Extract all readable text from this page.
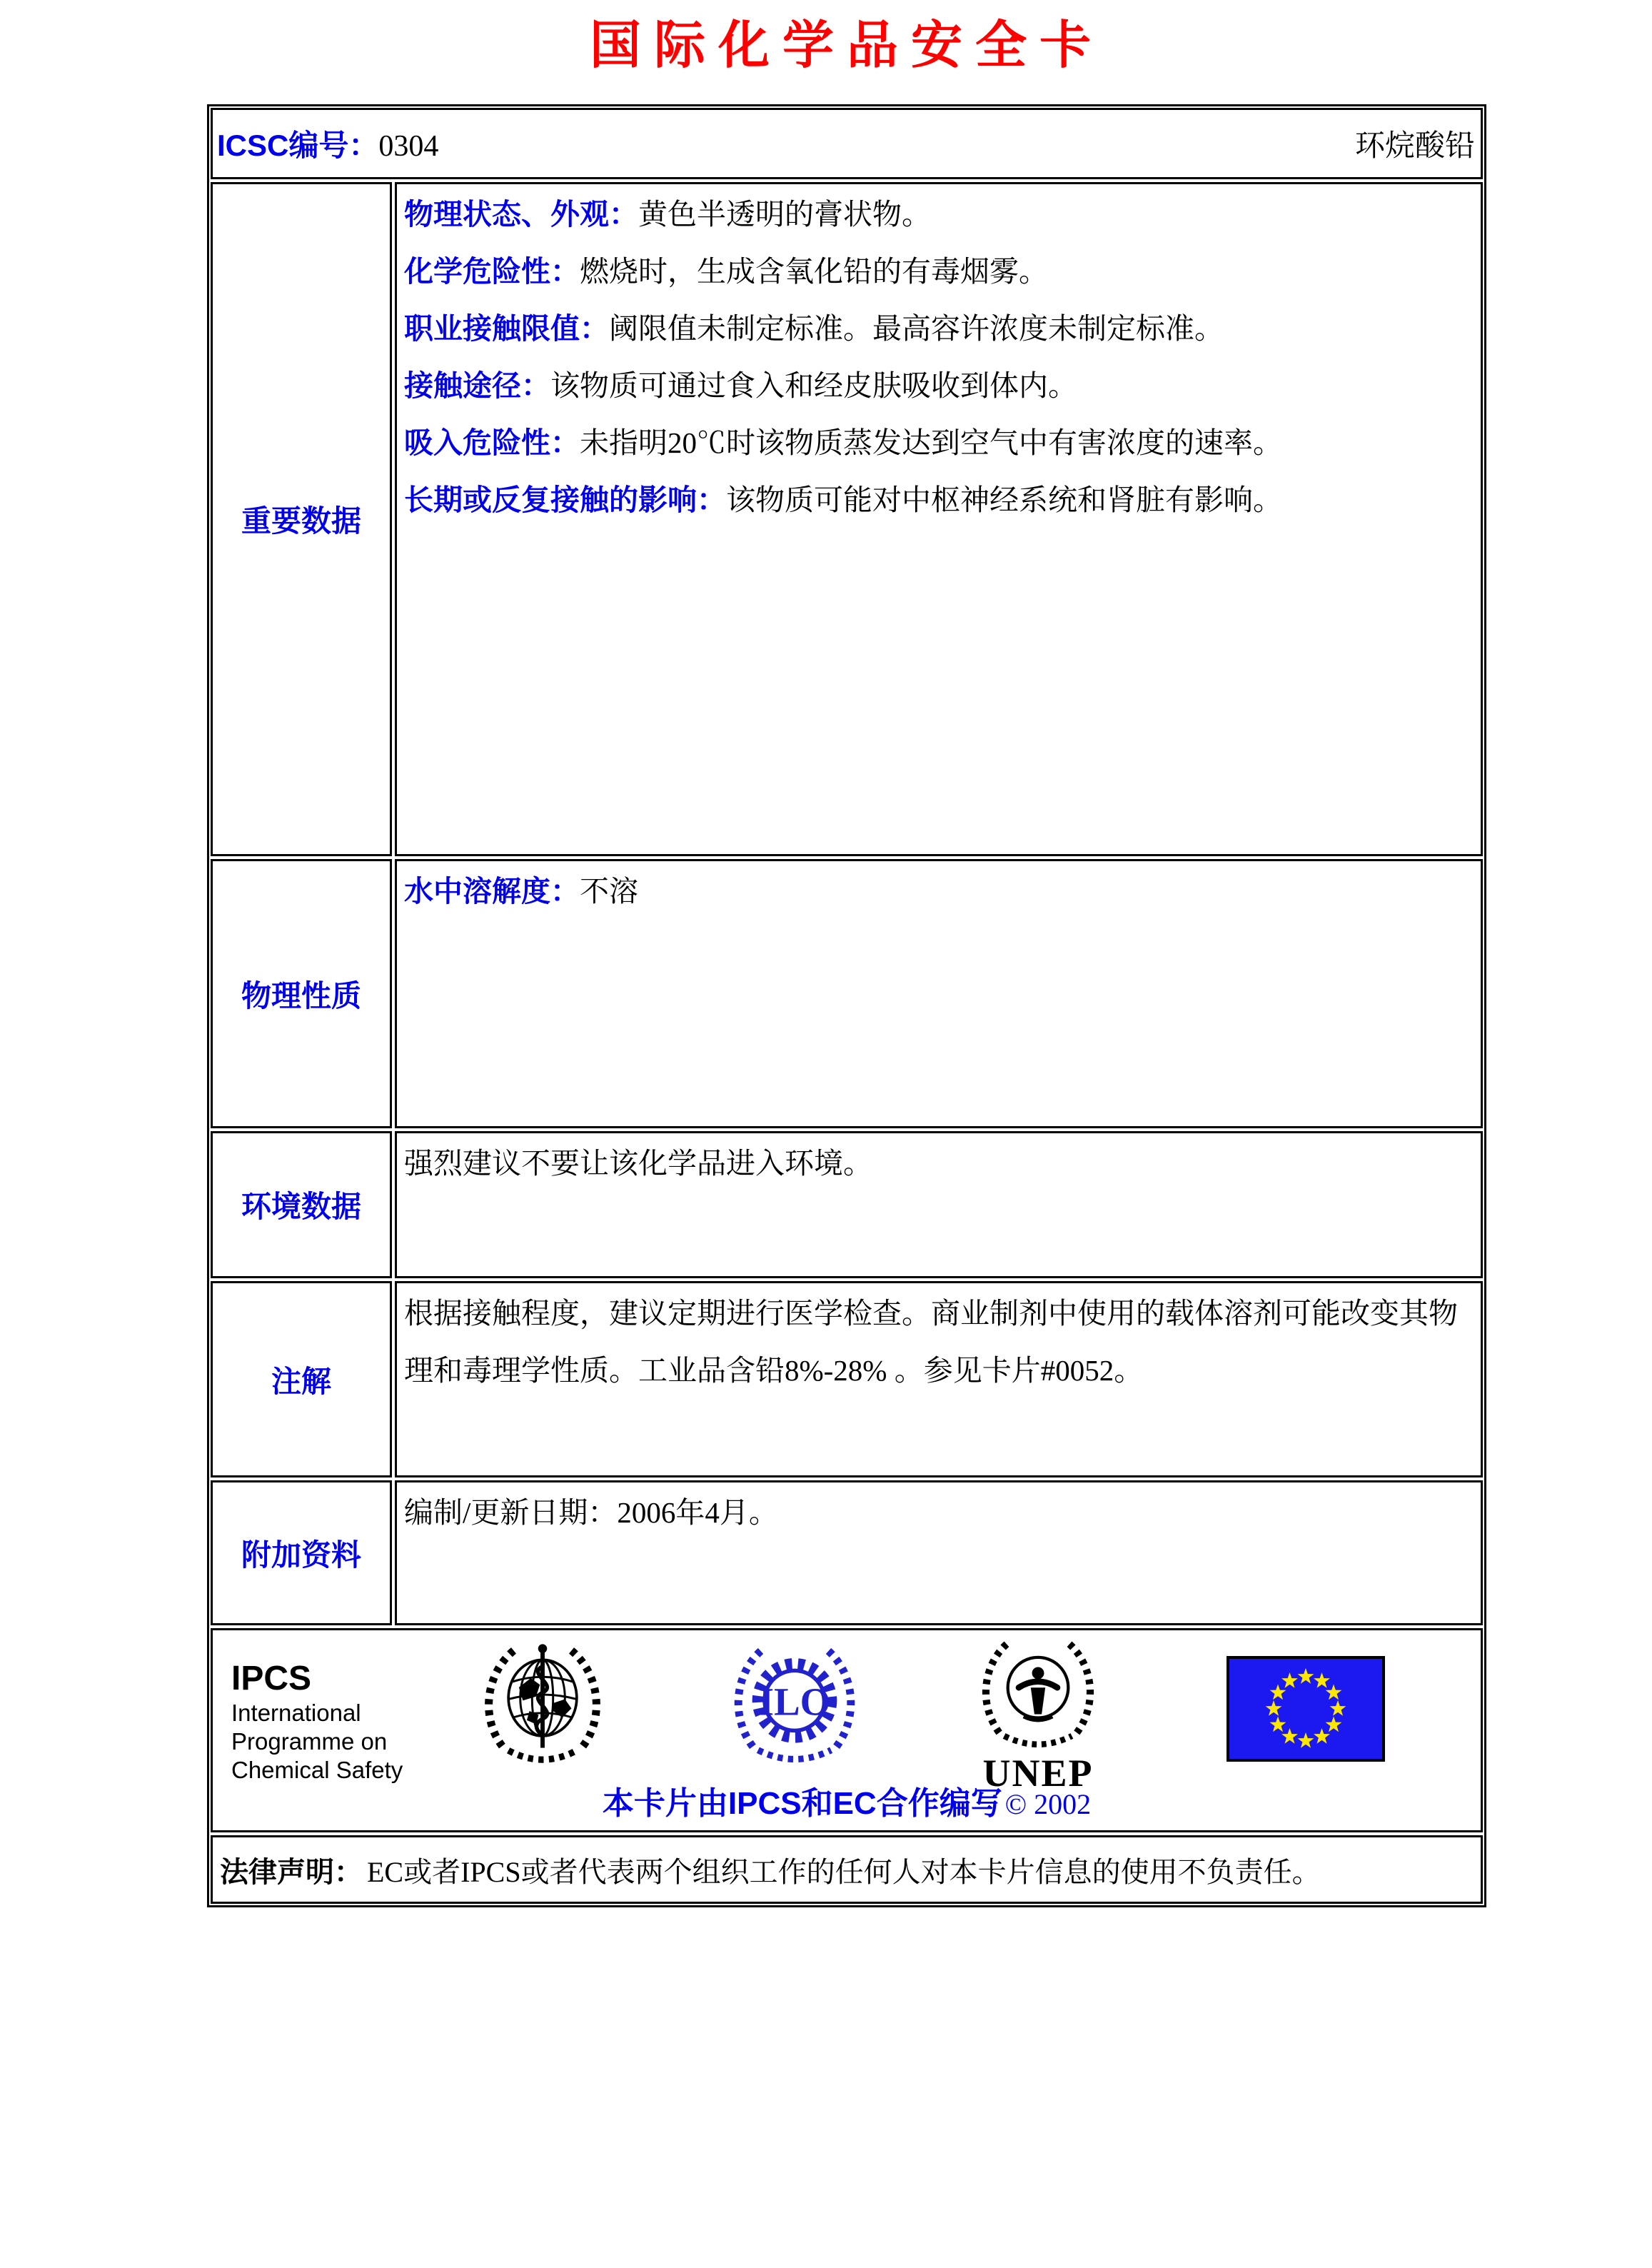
国际化学品安全卡
ICSC编号：0304	环烷酸铅
重要数据
物理状态、外观：黄色半透明的膏状物。
化学危险性：燃烧时，生成含氧化铅的有毒烟雾。
职业接触限值：阈限值未制定标准。最高容许浓度未制定标准。
接触途径：该物质可通过食入和经皮肤吸收到体内。
吸入危险性：未指明20℃时该物质蒸发达到空气中有害浓度的速率。
长期或反复接触的影响：该物质可能对中枢神经系统和肾脏有影响。
物理性质
水中溶解度：不溶
环境数据
强烈建议不要让该化学品进入环境。
注解
根据接触程度，建议定期进行医学检查。商业制剂中使用的载体溶剂可能改变其物理和毒理学性质。工业品含铅8%-28% 。参见卡片#0052。
附加资料
编制/更新日期：2006年4月。
IPCS
International
Programme on
Chemical Safety
ILO
UNEP
本卡片由IPCS和EC合作编写 © 2002
法律声明： EC或者IPCS或者代表两个组织工作的任何人对本卡片信息的使用不负责任。
